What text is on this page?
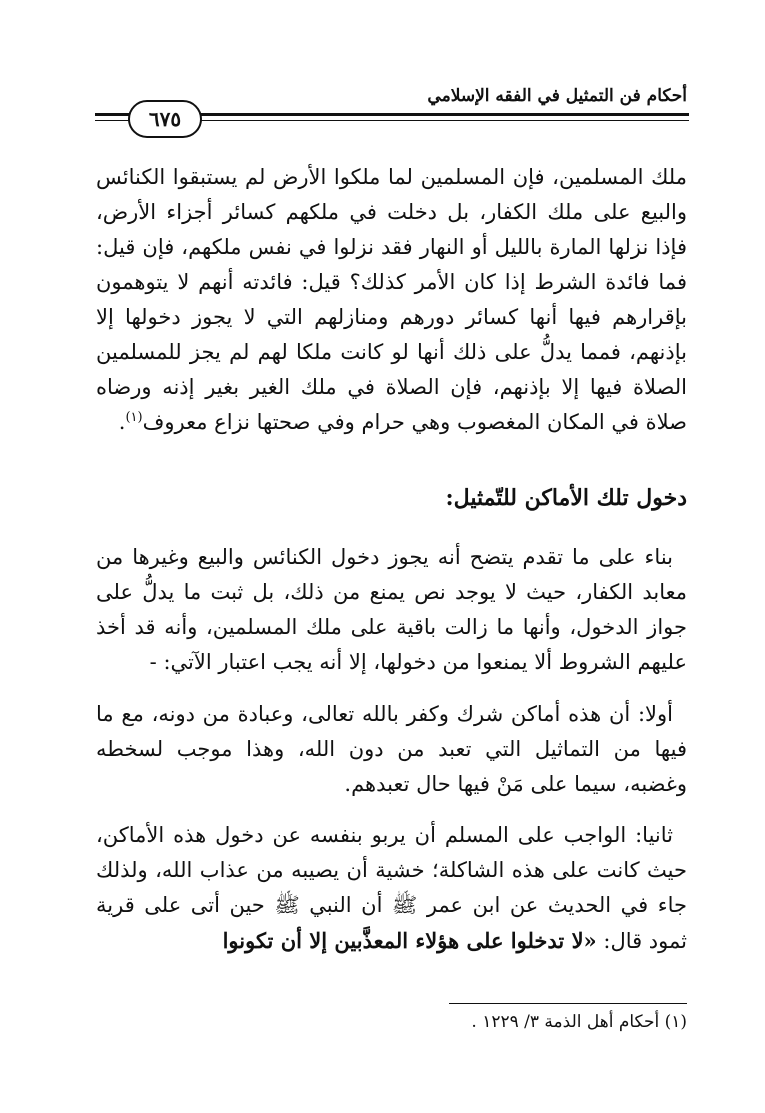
أحكام فن التمثيل في الفقه الإسلامي
٦٧٥
ملك المسلمين، فإن المسلمين لما ملكوا الأرض لم يستبقوا الكنائس والبيع على ملك الكفار، بل دخلت في ملكهم كسائر أجزاء الأرض، فإذا نزلها المارة بالليل أو النهار فقد نزلوا في نفس ملكهم، فإن قيل: فما فائدة الشرط إذا كان الأمر كذلك؟ قيل: فائدته أنهم لا يتوهمون بإقرارهم فيها أنها كسائر دورهم ومنازلهم التي لا يجوز دخولها إلا بإذنهم، فمما يدلُّ على ذلك أنها لو كانت ملكا لهم لم يجز للمسلمين الصلاة فيها إلا بإذنهم، فإن الصلاة في ملك الغير بغير إذنه ورضاه صلاة في المكان المغصوب وهي حرام وفي صحتها نزاع معروف$^{(١)}$.
دخول تلك الأماكن للتّمثيل:
بناء على ما تقدم يتضح أنه يجوز دخول الكنائس والبيع وغيرها من معابد الكفار، حيث لا يوجد نص يمنع من ذلك، بل ثبت ما يدلُّ على جواز الدخول، وأنها ما زالت باقية على ملك المسلمين، وأنه قد أخذ عليهم الشروط ألا يمنعوا من دخولها، إلا أنه يجب اعتبار الآتي: -
أولا: أن هذه أماكن شرك وكفر بالله تعالى، وعبادة من دونه، مع ما فيها من التماثيل التي تعبد من دون الله، وهذا موجب لسخطه وغضبه، سيما على مَنْ فيها حال تعبدهم.
ثانيا: الواجب على المسلم أن يربو بنفسه عن دخول هذه الأماكن، حيث كانت على هذه الشاكلة؛ خشية أن يصيبه من عذاب الله، ولذلك جاء في الحديث عن ابن عمر ﷺ أن النبي ﷺ حين أتى على قرية ثمود قال: «لا تدخلوا على هؤلاء المعذَّبين إلا أن تكونوا
(١) أحكام أهل الذمة ٣/ ١٢٢٩ .
